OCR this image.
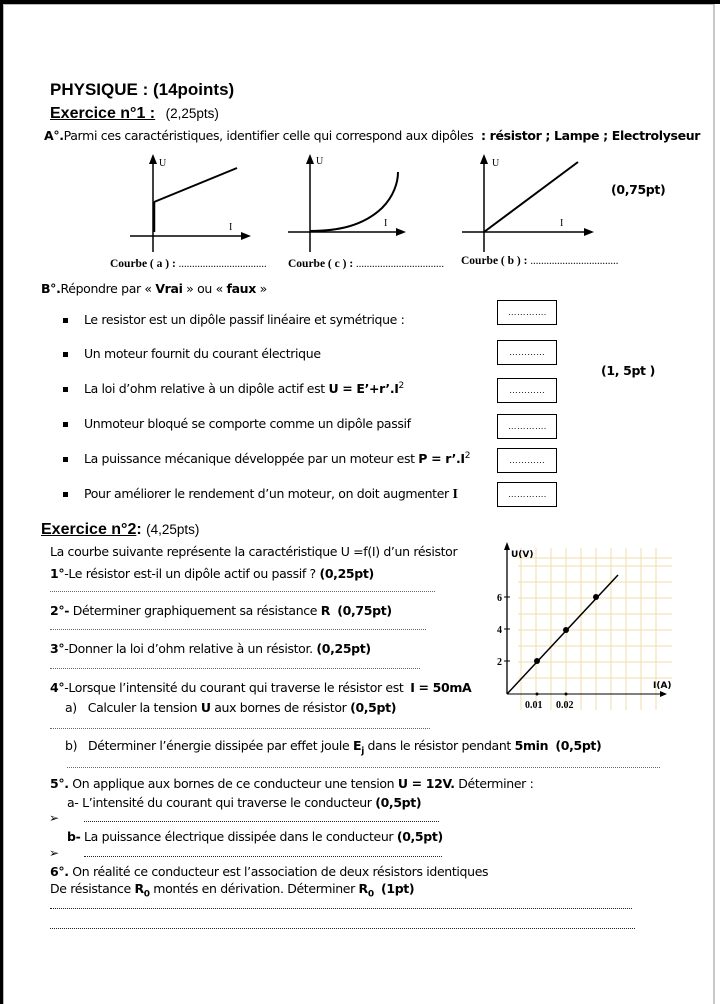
PHYSIQUE : (14points)
Exercice n°1 : (2,25pts)
A°.Parmi ces caractéristiques, identifier celle qui correspond aux dipôles : résistor ; Lampe ; Electrolyseur
U
I
Courbe ( a ) : ……………………………
U
I
Courbe ( c ) : ……………………………
U
I
Courbe ( b ) : ……………………………
(0,75pt)
B°.Répondre par « Vrai » ou « faux »
Le resistor est un dipôle passif linéaire et symétrique :	………….
Un moteur fournit du courant électrique	…………
(1, 5pt )
La loi d’ohm relative à un dipôle actif est $U = E’+r’.I^2$	…………
Unmoteur bloqué se comporte comme un dipôle passif	………….
La puissance mécanique développée par un moteur est $P = r’.I^2$	…………
Pour améliorer le rendement d’un moteur, on doit augmenter I	………….
Exercice n°2: (4,25pts)
La courbe suivante représente la caractéristique U =f(I) d’un résistor
1°-Le résistor est-il un dipôle actif ou passif ? (0,25pt)
2°- Déterminer graphiquement sa résistance R (0,75pt)
3°-Donner la loi d’ohm relative à un résistor. (0,25pt)
4°-Lorsque l’intensité du courant qui traverse le résistor est  I = 50mA
a) Calculer la tension U aux bornes de résistor (0,5pt)
b) Déterminer l’énergie dissipée par effet joule $E_j$ dans le résistor pendant 5min (0,5pt)
5°. On applique aux bornes de ce conducteur une tension U = 12V. Déterminer :
a- L’intensité du courant qui traverse le conducteur (0,5pt)
➢
b- La puissance électrique dissipée dans le conducteur (0,5pt)
➢
6°. On réalité ce conducteur est l’association de deux résistors identiques
De résistance $R_0$ montés en dérivation. Déterminer $R_0$ (1pt)
U(V)
I(A)
6
4
2
0.01 0.02
